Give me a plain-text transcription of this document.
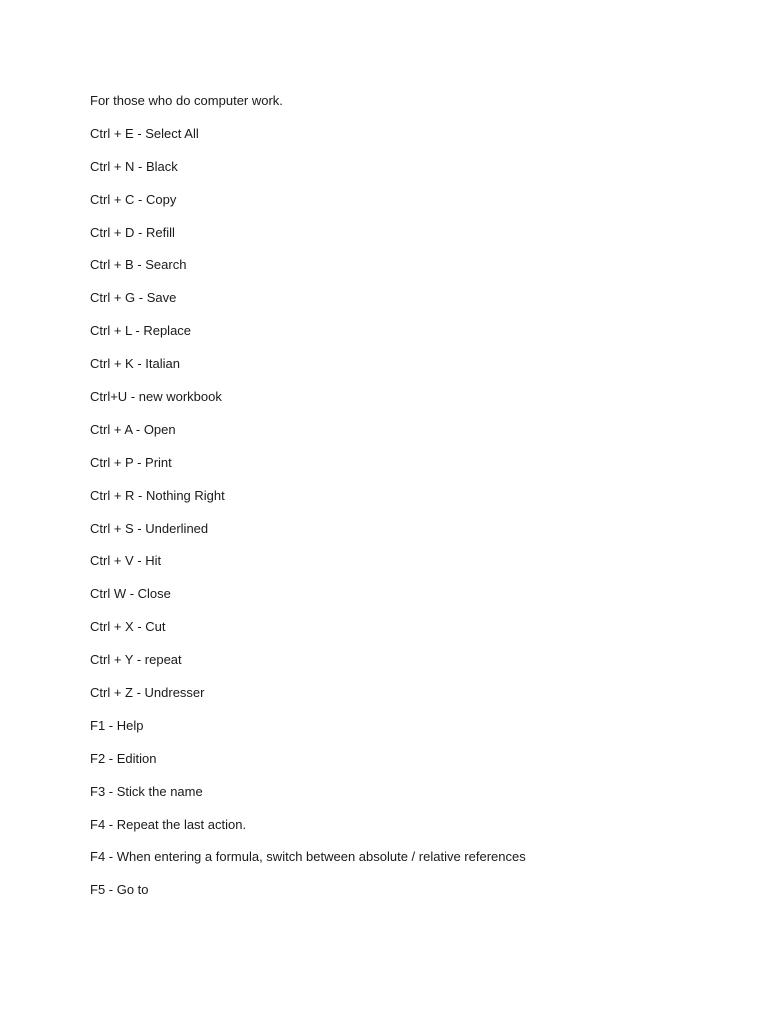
For those who do computer work.
Ctrl + E - Select All
Ctrl + N - Black
Ctrl + C - Copy
Ctrl + D - Refill
Ctrl + B - Search
Ctrl + G - Save
Ctrl + L - Replace
Ctrl + K - Italian
Ctrl+U - new workbook
Ctrl + A - Open
Ctrl + P - Print
Ctrl + R - Nothing Right
Ctrl + S - Underlined
Ctrl + V - Hit
Ctrl W - Close
Ctrl + X - Cut
Ctrl + Y - repeat
Ctrl + Z - Undresser
F1 - Help
F2 - Edition
F3 - Stick the name
F4 - Repeat the last action.
F4 - When entering a formula, switch between absolute / relative references
F5 - Go to
